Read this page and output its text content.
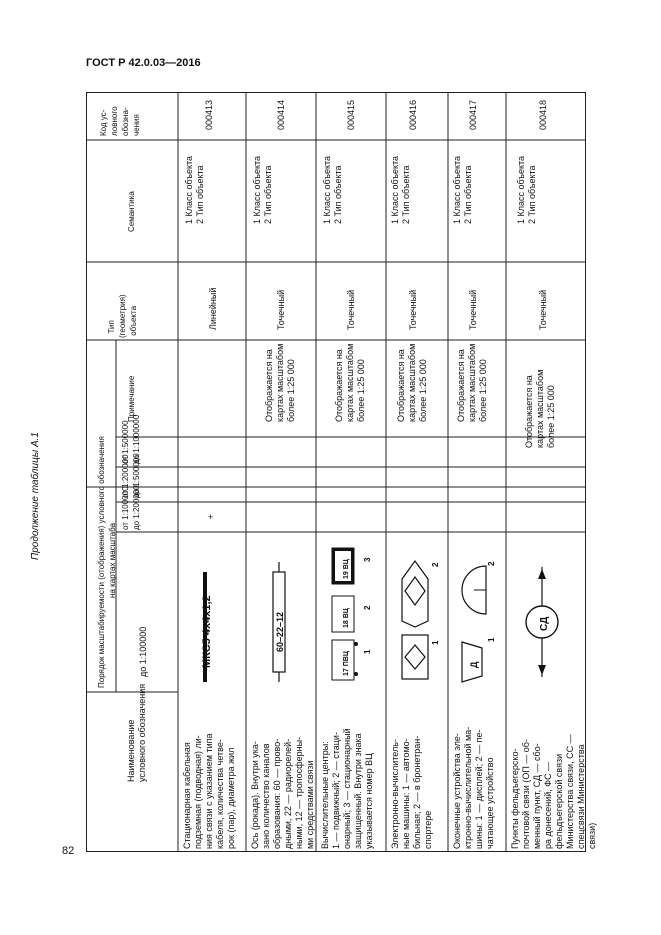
ГОСТ Р 42.0.03—2016
Продолжение таблицы А.1
82
Наименование условного обозначения
Порядок масштабируемости (отображения) условного обозначения на картах масштаба
до 1:100000
от 1:100000 до 1:200000
от 1:200000 до 1:500000
от 1:500000 до 1:1000000
Примечание
Тип (геометрия) объекта
Семантика
Код ус- ловного обозна- чения
Стационарная кабельная подземная (подводная) ли- ния связи с указанием типа кабеля, количества четве- рок (пар), диаметра жил
МКС5 4х4х1,2
+
Линейный
1 Класс объекта 2 Тип объекта
000413
Ось (рокада). Внутри ука- зано количество каналов образования: 60 — прово- дными, 22 — радиорелей- ными, 12 — тропосферны- ми средствами связи
60–22–12
Отображается на картах масштабом более 1:25 000
Точечный
1 Класс объекта 2 Тип объекта
000414
Вычислительные центры: 1 — подвижный; 2 — стаци- онарный; 3 — стационарный защищенный. Внутри знака указывается номер ВЦ
17 ПВЦ
18 ВЦ
19 ВЦ
1
2
3
Отображается на картах масштабом более 1:25 000
Точечный
1 Класс объекта 2 Тип объекта
000415
Электронно-вычислитель- ные машины: 1 — автомо- бильная; 2 — в бронетран- спортере
1
2
Отображается на картах масштабом более 1:25 000
Точечный
1 Класс объекта 2 Тип объекта
000416
Оконечные устройства эле- ктронно-вычислительной ма- шины: 1 — дисплей; 2 — пе- чатающее устройство
Д
1
2
Отображается на картах масштабом более 1:25 000
Точечный
1 Класс объекта 2 Тип объекта
000417
Пункты фельдъегерско- почтовой связи (ОП — об- менный пункт, СД — сбо- ра донесений, ФС — фельдъегерской связи Министерства связи, СС — спецсвязи Министерства связи)
СД
Отображается на картах масштабом более 1:25 000
Точечный
1 Класс объекта 2 Тип объекта
000418
